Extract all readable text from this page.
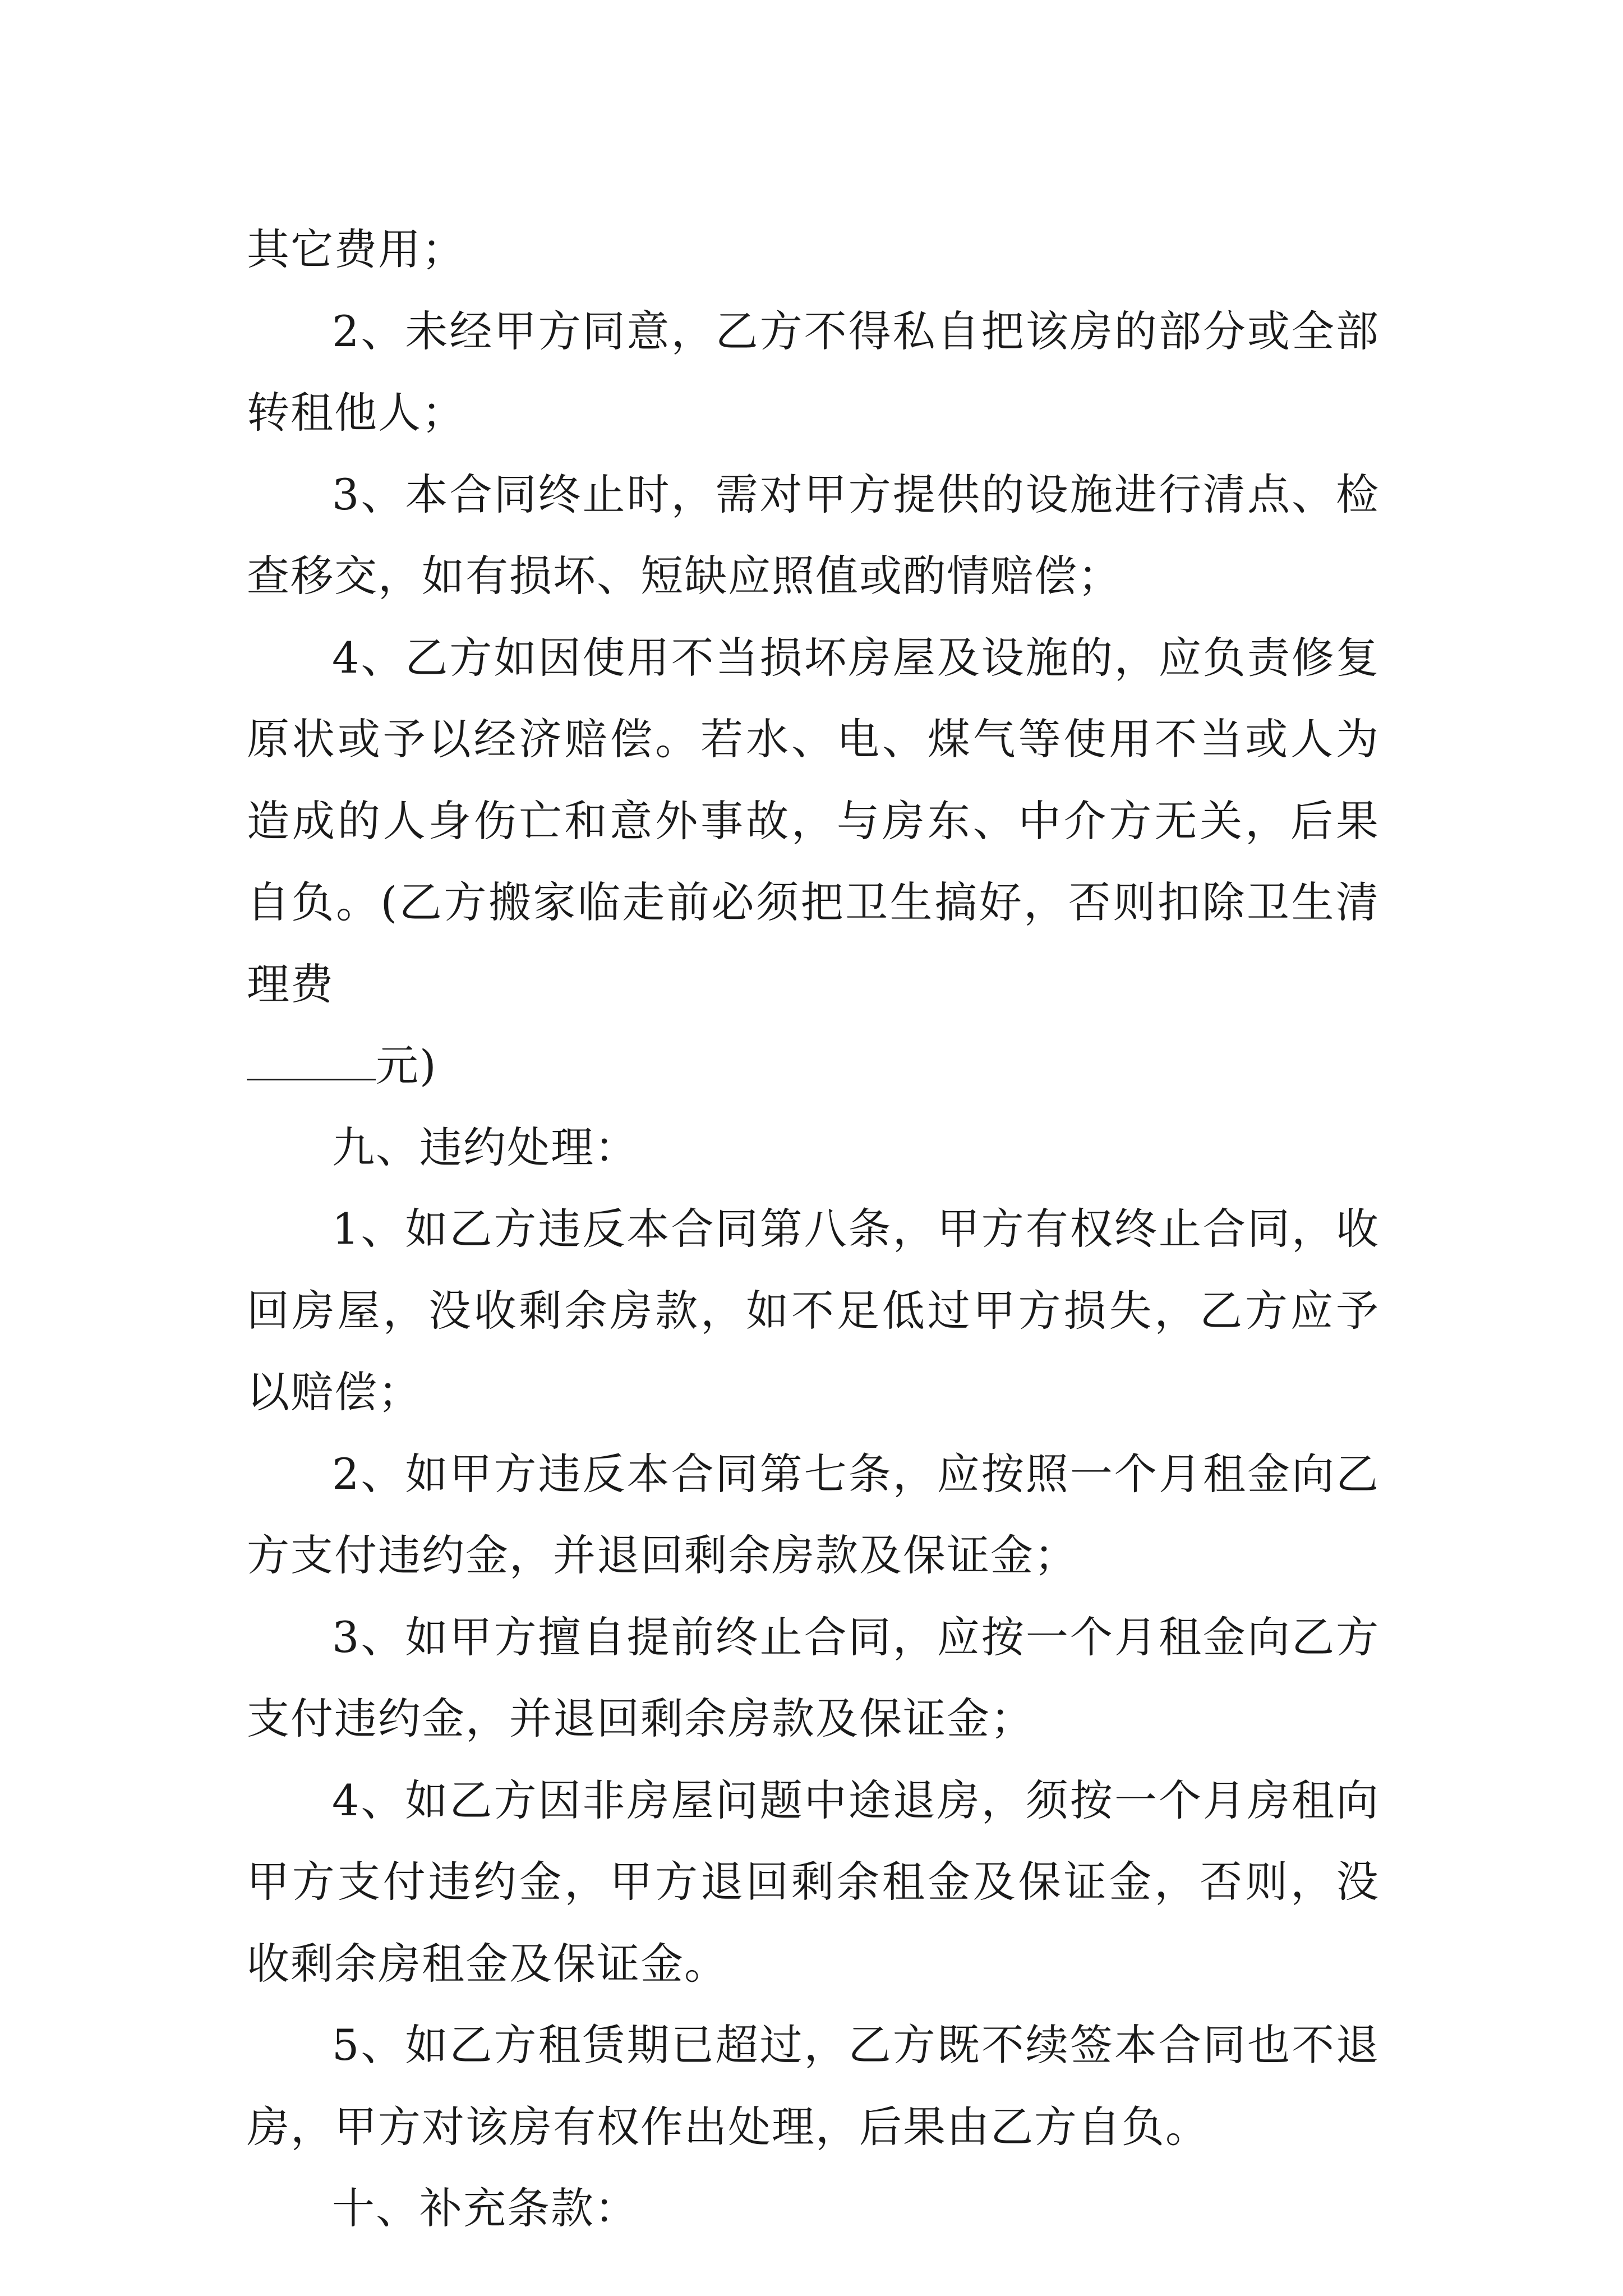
其它费用；

2、未经甲方同意，乙方不得私自把该房的部分或全部转租他人；

3、本合同终止时，需对甲方提供的设施进行清点、检查移交，如有损坏、短缺应照值或酌情赔偿；

4、乙方如因使用不当损坏房屋及设施的，应负责修复原状或予以经济赔偿。若水、电、煤气等使用不当或人为造成的人身伤亡和意外事故，与房东、中介方无关，后果自负。(乙方搬家临走前必须把卫生搞好，否则扣除卫生清理费
元)

九、违约处理：

1、如乙方违反本合同第八条，甲方有权终止合同，收回房屋，没收剩余房款，如不足低过甲方损失，乙方应予以赔偿；

2、如甲方违反本合同第七条，应按照一个月租金向乙方支付违约金，并退回剩余房款及保证金；

3、如甲方擅自提前终止合同，应按一个月租金向乙方支付违约金，并退回剩余房款及保证金；

4、如乙方因非房屋问题中途退房，须按一个月房租向甲方支付违约金，甲方退回剩余租金及保证金，否则，没收剩余房租金及保证金。

5、如乙方租赁期已超过，乙方既不续签本合同也不退房，甲方对该房有权作出处理，后果由乙方自负。

十、补充条款：
